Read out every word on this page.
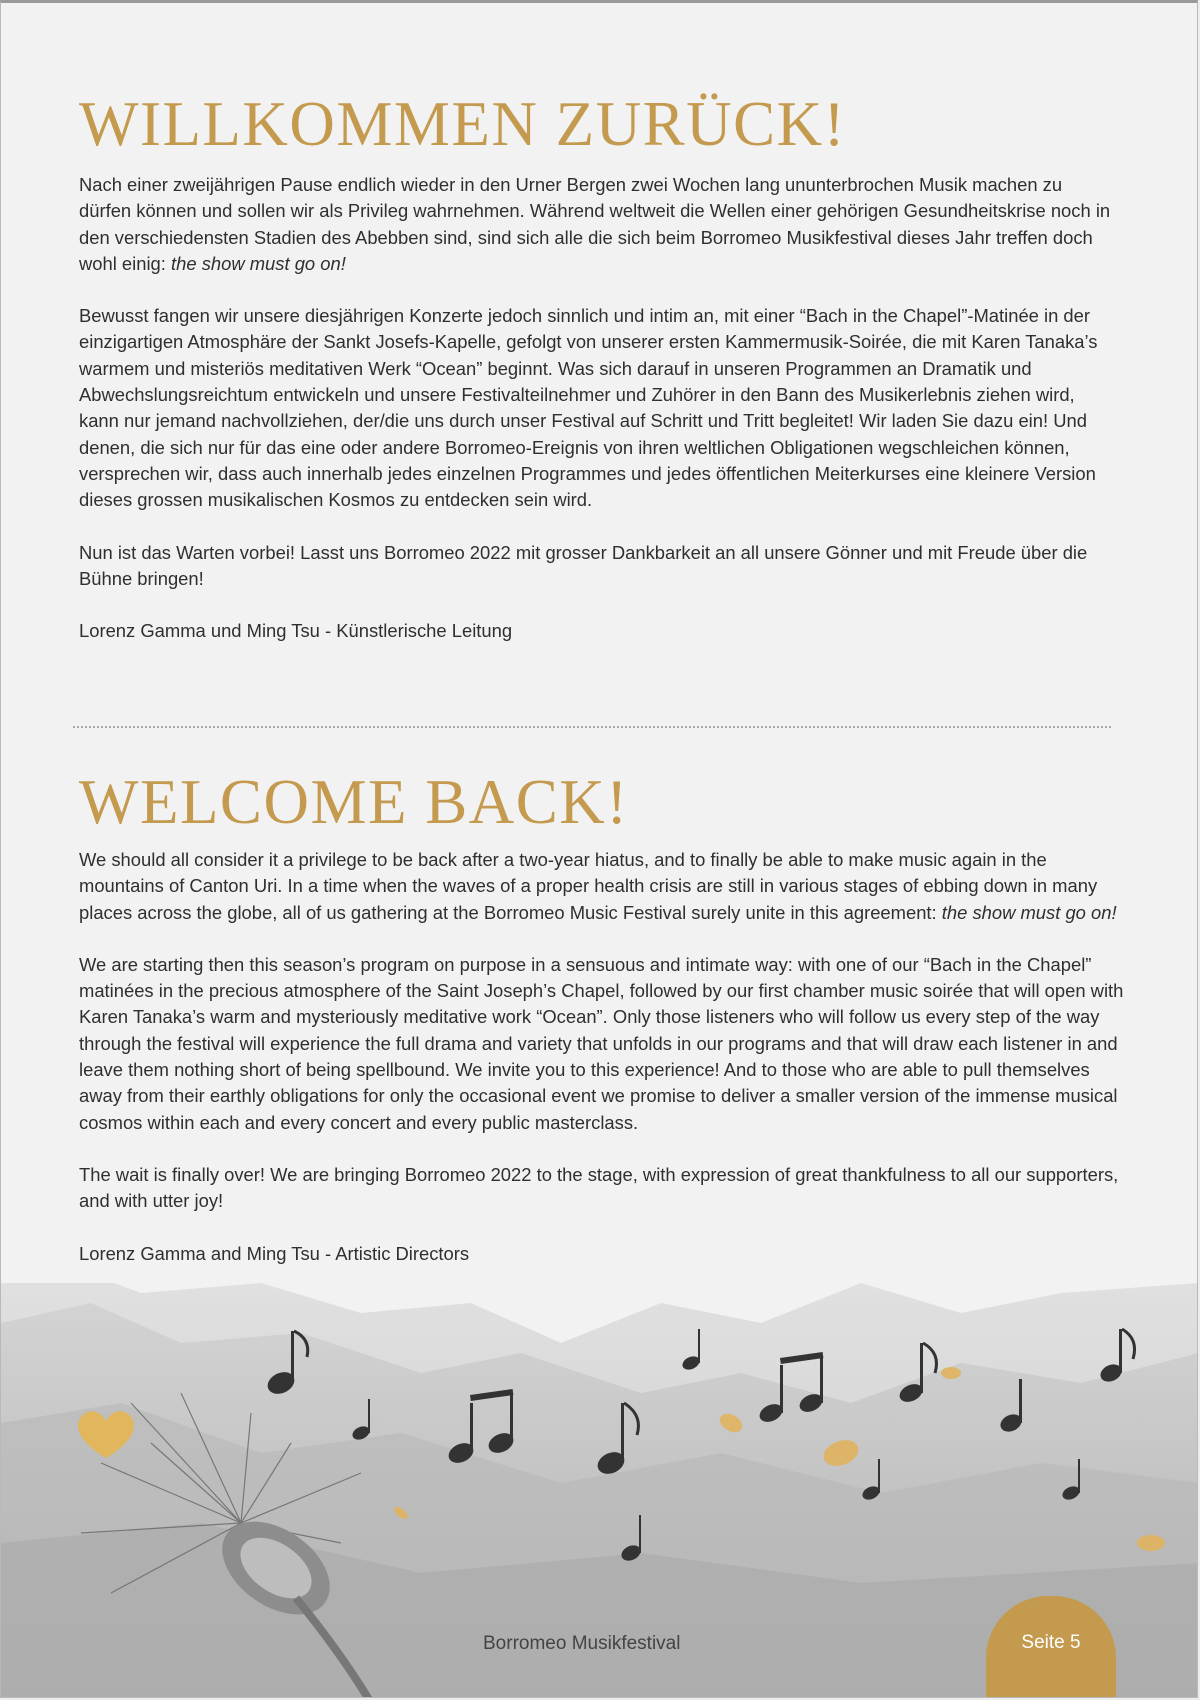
WILLKOMMEN ZURÜCK!

Nach einer zweijährigen Pause endlich wieder in den Urner Bergen zwei Wochen lang ununterbrochen Musik machen zu dürfen können und sollen wir als Privileg wahrnehmen. Während weltweit die Wellen einer gehörigen Gesundheitskrise noch in den verschiedensten Stadien des Abebben sind, sind sich alle die sich beim Borromeo Musikfestival dieses Jahr treffen doch wohl einig: the show must go on!

Bewusst fangen wir unsere diesjährigen Konzerte jedoch sinnlich und intim an, mit einer “Bach in the Chapel”-Matinée in der einzigartigen Atmosphäre der Sankt Josefs-Kapelle, gefolgt von unserer ersten Kammermusik-Soirée, die mit Karen Tanaka’s warmem und misteriös meditativen Werk “Ocean” beginnt. Was sich darauf in unseren Programmen an Dramatik und Abwechslungsreichtum entwickeln und unsere Festivalteilnehmer und Zuhörer in den Bann des Musikerlebnis ziehen wird, kann nur jemand nachvollziehen, der/die uns durch unser Festival auf Schritt und Tritt begleitet! Wir laden Sie dazu ein! Und denen, die sich nur für das eine oder andere Borromeo-Ereignis von ihren weltlichen Obligationen wegschleichen können, versprechen wir, dass auch innerhalb jedes einzelnen Programmes und jedes öffentlichen Meiterkurses eine kleinere Version dieses grossen musikalischen Kosmos zu entdecken sein wird.

Nun ist das Warten vorbei! Lasst uns Borromeo 2022 mit grosser Dankbarkeit an all unsere Gönner und mit Freude über die Bühne bringen!

Lorenz Gamma und Ming Tsu - Künstlerische Leitung

WELCOME BACK!

We should all consider it a privilege to be back after a two-year hiatus, and to finally be able to make music again in the mountains of Canton Uri. In a time when the waves of a proper health crisis are still in various stages of ebbing down in many places across the globe, all of us gathering at the Borromeo Music Festival surely unite in this agreement: the show must go on!

We are starting then this season’s program on purpose in a sensuous and intimate way: with one of our “Bach in the Chapel” matinées in the precious atmosphere of the Saint Joseph’s Chapel, followed by our first chamber music soirée that will open with Karen Tanaka’s warm and mysteriously meditative work “Ocean”. Only those listeners who will follow us every step of the way through the festival will experience the full drama and variety that unfolds in our programs and that will draw each listener in and leave them nothing short of being spellbound. We invite you to this experience! And to those who are able to pull themselves away from their earthly obligations for only the occasional event we promise to deliver a smaller version of the immense musical cosmos within each and every concert and every public masterclass.

The wait is finally over! We are bringing Borromeo 2022 to the stage, with expression of great thankfulness to all our supporters, and with utter joy!

Lorenz Gamma and Ming Tsu - Artistic Directors

Borromeo Musikfestival	Seite 5
